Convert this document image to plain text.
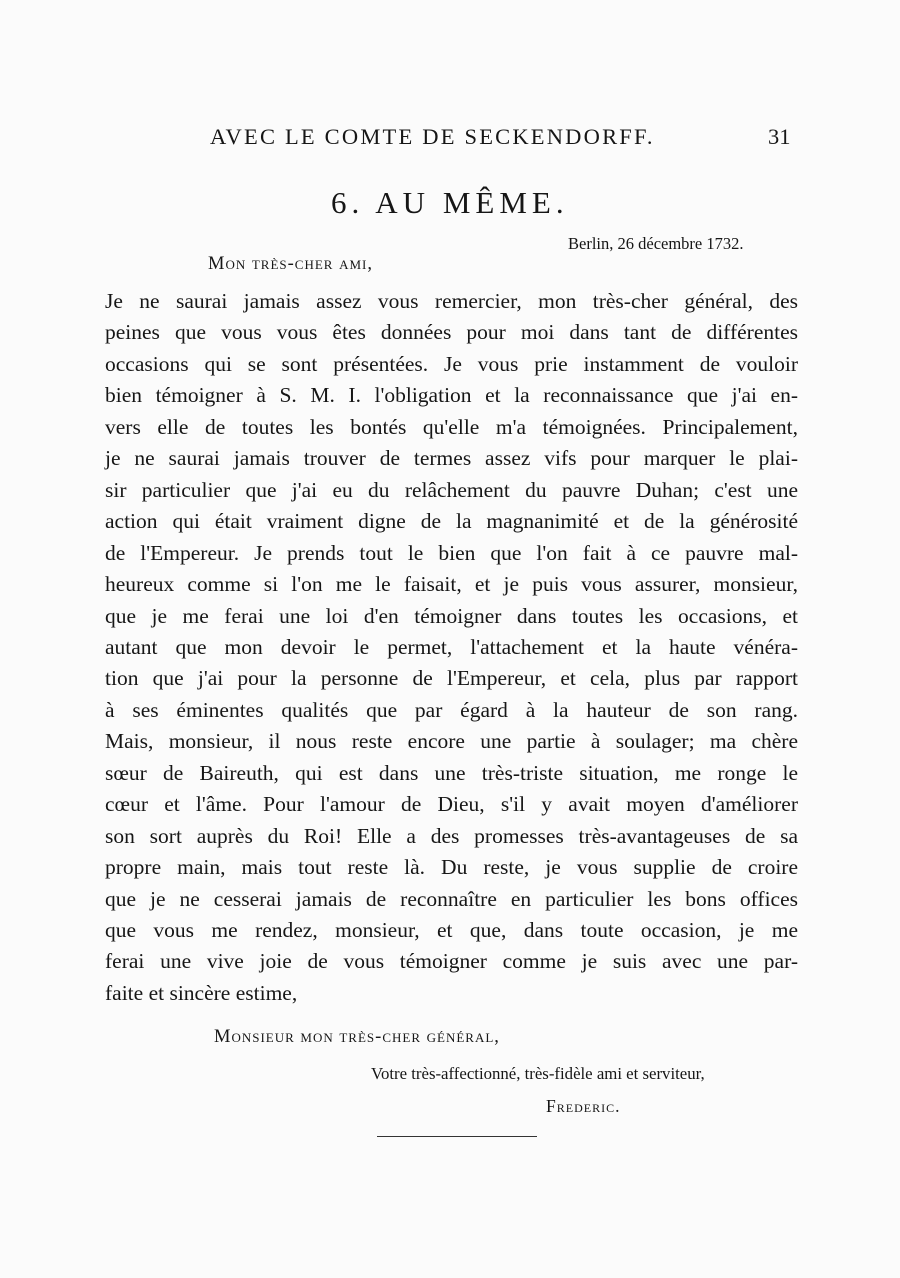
AVEC LE COMTE DE SECKENDORFF.	31
6. AU MÊME.
Berlin, 26 décembre 1732.
Mon très-cher ami,
Je ne saurai jamais assez vous remercier, mon très-cher général, des
peines que vous vous êtes données pour moi dans tant de différentes
occasions qui se sont présentées. Je vous prie instamment de vouloir
bien témoigner à S. M. I. l'obligation et la reconnaissance que j'ai en-
vers elle de toutes les bontés qu'elle m'a témoignées. Principalement,
je ne saurai jamais trouver de termes assez vifs pour marquer le plai-
sir particulier que j'ai eu du relâchement du pauvre Duhan; c'est une
action qui était vraiment digne de la magnanimité et de la générosité
de l'Empereur. Je prends tout le bien que l'on fait à ce pauvre mal-
heureux comme si l'on me le faisait, et je puis vous assurer, monsieur,
que je me ferai une loi d'en témoigner dans toutes les occasions, et
autant que mon devoir le permet, l'attachement et la haute vénéra-
tion que j'ai pour la personne de l'Empereur, et cela, plus par rapport
à ses éminentes qualités que par égard à la hauteur de son rang.
Mais, monsieur, il nous reste encore une partie à soulager; ma chère
sœur de Baireuth, qui est dans une très-triste situation, me ronge le
cœur et l'âme. Pour l'amour de Dieu, s'il y avait moyen d'améliorer
son sort auprès du Roi! Elle a des promesses très-avantageuses de sa
propre main, mais tout reste là. Du reste, je vous supplie de croire
que je ne cesserai jamais de reconnaître en particulier les bons offices
que vous me rendez, monsieur, et que, dans toute occasion, je me
ferai une vive joie de vous témoigner comme je suis avec une par-
faite et sincère estime,
Monsieur mon très-cher général,
Votre très-affectionné, très-fidèle ami et serviteur,
Frederic.
